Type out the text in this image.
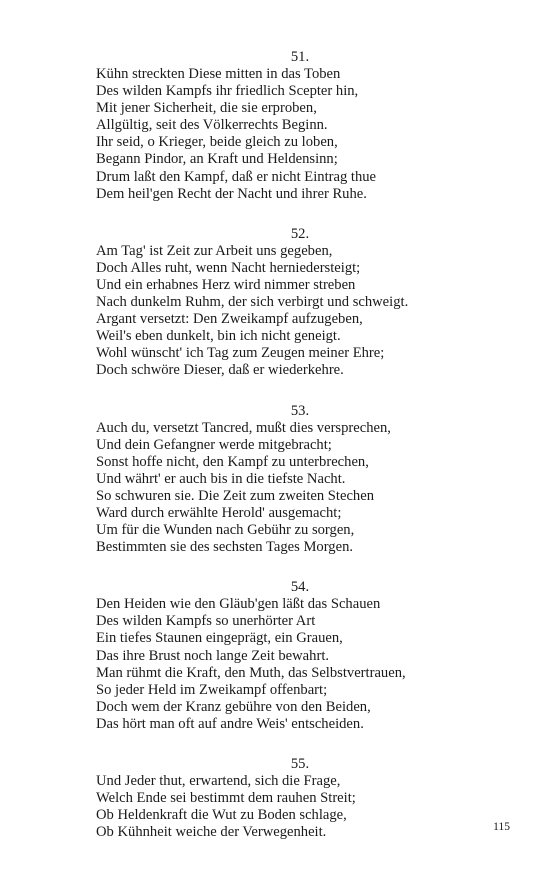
51.
Kühn streckten Diese mitten in das Toben
Des wilden Kampfs ihr friedlich Scepter hin,
Mit jener Sicherheit, die sie erproben,
Allgültig, seit des Völkerrechts Beginn.
Ihr seid, o Krieger, beide gleich zu loben,
Begann Pindor, an Kraft und Heldensinn;
Drum laßt den Kampf, daß er nicht Eintrag thue
Dem heil'gen Recht der Nacht und ihrer Ruhe.
52.
Am Tag' ist Zeit zur Arbeit uns gegeben,
Doch Alles ruht, wenn Nacht herniedersteigt;
Und ein erhabnes Herz wird nimmer streben
Nach dunkelm Ruhm, der sich verbirgt und schweigt.
Argant versetzt: Den Zweikampf aufzugeben,
Weil's eben dunkelt, bin ich nicht geneigt.
Wohl wünscht' ich Tag zum Zeugen meiner Ehre;
Doch schwöre Dieser, daß er wiederkehre.
53.
Auch du, versetzt Tancred, mußt dies versprechen,
Und dein Gefangner werde mitgebracht;
Sonst hoffe nicht, den Kampf zu unterbrechen,
Und währt' er auch bis in die tiefste Nacht.
So schwuren sie. Die Zeit zum zweiten Stechen
Ward durch erwählte Herold' ausgemacht;
Um für die Wunden nach Gebühr zu sorgen,
Bestimmten sie des sechsten Tages Morgen.
54.
Den Heiden wie den Gläub'gen läßt das Schauen
Des wilden Kampfs so unerhörter Art
Ein tiefes Staunen eingeprägt, ein Grauen,
Das ihre Brust noch lange Zeit bewahrt.
Man rühmt die Kraft, den Muth, das Selbstvertrauen,
So jeder Held im Zweikampf offenbart;
Doch wem der Kranz gebühre von den Beiden,
Das hört man oft auf andre Weis' entscheiden.
55.
Und Jeder thut, erwartend, sich die Frage,
Welch Ende sei bestimmt dem rauhen Streit;
Ob Heldenkraft die Wut zu Boden schlage,
Ob Kühnheit weiche der Verwegenheit.	115
